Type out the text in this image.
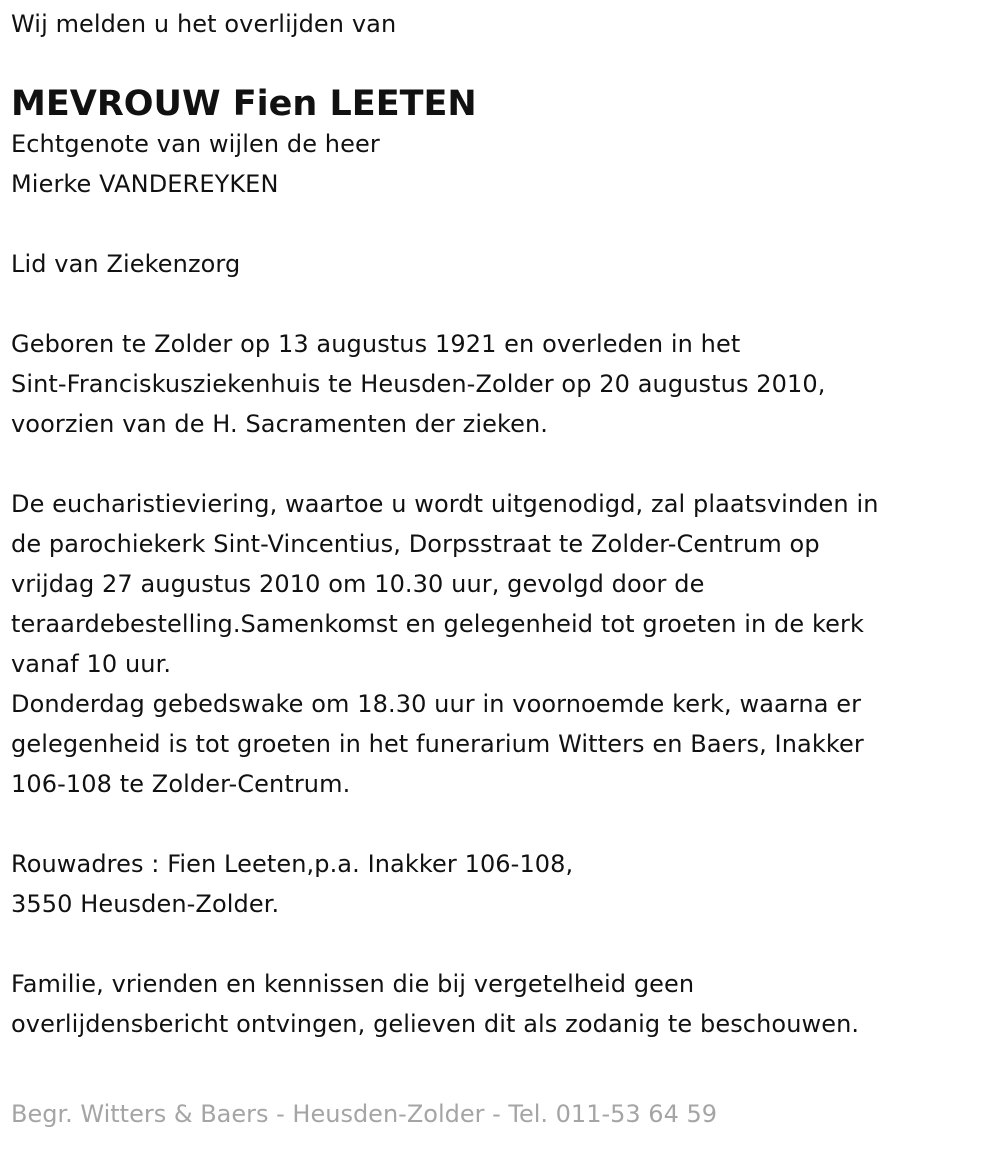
Wij melden u het overlijden van
MEVROUW Fien LEETEN
Echtgenote van wijlen de heer
Mierke VANDEREYKEN
Lid van Ziekenzorg
Geboren te Zolder op 13 augustus 1921 en overleden in het
Sint-Franciskusziekenhuis te Heusden-Zolder op 20 augustus 2010,
voorzien van de H. Sacramenten der zieken.
De eucharistieviering, waartoe u wordt uitgenodigd, zal plaatsvinden in
de parochiekerk Sint-Vincentius, Dorpsstraat te Zolder-Centrum op
vrijdag 27 augustus 2010 om 10.30 uur, gevolgd door de
teraardebestelling.Samenkomst en gelegenheid tot groeten in de kerk
vanaf 10 uur.
Donderdag gebedswake om 18.30 uur in voornoemde kerk, waarna er
gelegenheid is tot groeten in het funerarium Witters en Baers, Inakker
106-108 te Zolder-Centrum.
Rouwadres : Fien Leeten,p.a. Inakker 106-108,
3550 Heusden-Zolder.
Familie, vrienden en kennissen die bij vergetelheid geen
overlijdensbericht ontvingen, gelieven dit als zodanig te beschouwen.
Begr. Witters & Baers - Heusden-Zolder - Tel. 011-53 64 59
